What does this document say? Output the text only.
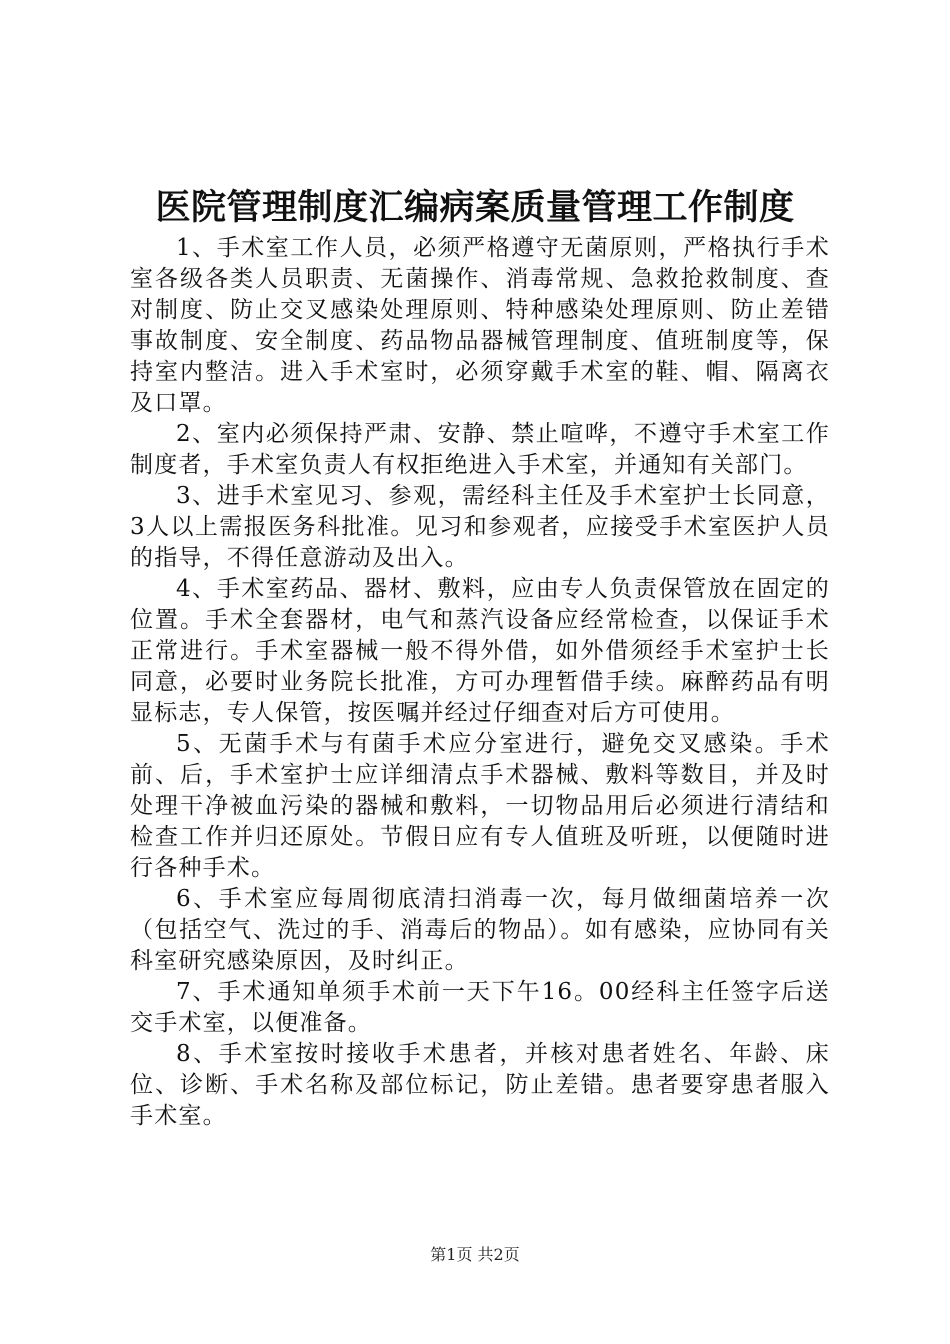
医院管理制度汇编病案质量管理工作制度

1、手术室工作人员，必须严格遵守无菌原则，严格执行手术室各级各类人员职责、无菌操作、消毒常规、急救抢救制度、查对制度、防止交叉感染处理原则、特种感染处理原则、防止差错事故制度、安全制度、药品物品器械管理制度、值班制度等，保持室内整洁。进入手术室时，必须穿戴手术室的鞋、帽、隔离衣及口罩。

2、室内必须保持严肃、安静、禁止喧哗，不遵守手术室工作制度者，手术室负责人有权拒绝进入手术室，并通知有关部门。

3、进手术室见习、参观，需经科主任及手术室护士长同意，3人以上需报医务科批准。见习和参观者，应接受手术室医护人员的指导，不得任意游动及出入。

4、手术室药品、器材、敷料，应由专人负责保管放在固定的位置。手术全套器材，电气和蒸汽设备应经常检查，以保证手术正常进行。手术室器械一般不得外借，如外借须经手术室护士长同意，必要时业务院长批准，方可办理暂借手续。麻醉药品有明显标志，专人保管，按医嘱并经过仔细查对后方可使用。

5、无菌手术与有菌手术应分室进行，避免交叉感染。手术前、后，手术室护士应详细清点手术器械、敷料等数目，并及时处理干净被血污染的器械和敷料，一切物品用后必须进行清结和检查工作并归还原处。节假日应有专人值班及听班，以便随时进行各种手术。

6、手术室应每周彻底清扫消毒一次，每月做细菌培养一次（包括空气、洗过的手、消毒后的物品）。如有感染，应协同有关科室研究感染原因，及时纠正。

7、手术通知单须手术前一天下午16。00经科主任签字后送交手术室，以便准备。

8、手术室按时接收手术患者，并核对患者姓名、年龄、床位、诊断、手术名称及部位标记，防止差错。患者要穿患者服入手术室。

第1页 共2页
